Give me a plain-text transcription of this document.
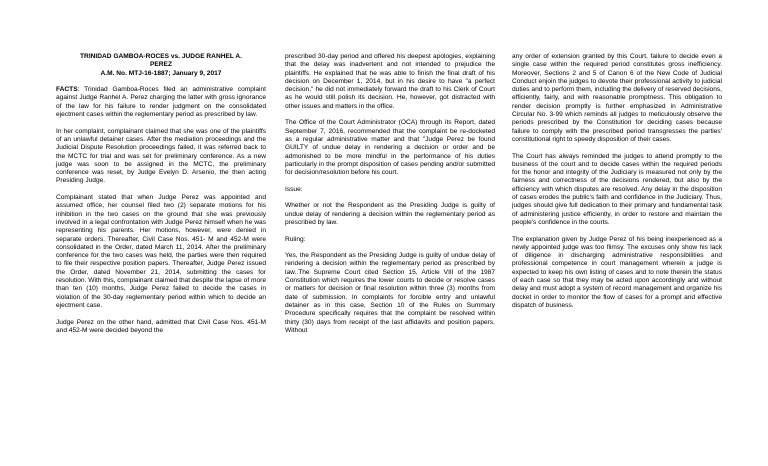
TRINIDAD GAMBOA-ROCES vs. JUDGE RANHEL A.
PEREZ
A.M. No. MTJ-16-1887; January 9, 2017

FACTS: Trinidad Gamboa-Roces filed an administrative complaint against Judge Ranhel A. Perez charging the latter with gross ignorance of the law for his failure to render judgment on the consolidated ejectment cases within the reglementary period as prescribed by law.

In her complaint, complainant claimed that she was one of the plaintiffs of an unlawful detainer cases. After the mediation proceedings and the Judicial Dispute Resolution proceedings failed, it was referred back to the MCTC for trial and was set for preliminary conference. As a new judge was soon to be assigned in the MCTC, the preliminary conference was reset, by Judge Evelyn D. Arsenio, the then acting Presiding Judge.

Complainant stated that when Judge Perez was appointed and assumed office, her counsel filed two (2) separate motions for his inhibition in the two cases on the ground that she was previously involved in a legal confrontation with Judge Perez himself when he was representing his parents. Her motions, however, were denied in separate orders. Thereafter, Civil Case Nos. 451- M and 452-M were consolidated in the Order, dated March 11, 2014. After the preliminary conference for the two cases was held, the parties were then required to file their respective position papers. Thereafter, Judge Perez issued the Order, dated November 21, 2014, submitting the cases for resolution. With this, complainant claimed that despite the lapse of more than ten (10) months, Judge Perez failed to decide the cases in violation of the 30-day reglementary period within which to decide an ejectment case.

Judge Perez on the other hand, admitted that Civil Case Nos. 451-M and 452-M were decided beyond the

prescribed 30-day period and offered his deepest apologies, explaining that the delay was inadvertent and not intended to prejudice the plaintiffs. He explained that he was able to finish the final draft of his decision on December 1, 2014, but in his desire to have "a perfect decision," he did not immediately forward the draft to his Clerk of Court as he would still polish its decision. He, however, got distracted with other issues and matters in the office.

The Office of the Court Administrator (OCA) through its Report, dated September 7, 2016, recommended that the complaint be re-docketed as a regular administrative matter and that "Judge Perez be found GUILTY of undue delay in rendering a decision or order and be admonished to be more mindful in the performance of his duties particularly in the prompt disposition of cases pending and/or submitted for decision/resolution before his court.

Issue:

Whether or not the Respondent as the Presiding Judge is guilty of undue delay of rendering a decision within the reglementary period as prescribed by law.

Ruling:

Yes, the Respondent as the Presiding Judge is guilty of undue delay of rendering a decision within the reglementary period as prescribed by law..The Supreme Court cited Section 15, Article VIII of the 1987 Constitution which requires the lower courts to decide or resolve cases or matters for decision or final resolution within three (3) months from date of submission. In complaints for forcible entry and unlawful detainer as in this case, Section 10 of the Rules on Summary Procedure specifically requires that the complaint be resolved within thirty (30) days from receipt of the last affidavits and position papers. Without

any order of extension granted by this Court, failure to decide even a single case within the required period constitutes gross inefficiency. Moreover, Sections 2 and 5 of Canon 6 of the New Code of Judicial Conduct enjoin the judges to devote their professional activity to judicial duties and to perform them, including the delivery of reserved decisions, efficiently, fairly, and with reasonable promptness. This obligation to render decision promptly is further emphasized in Administrative Circular No. 3-99 which reminds all judges to meticulously observe the periods prescribed by the Constitution for deciding cases because failure to comply with the prescribed period transgresses the parties' constitutional right to speedy disposition of their cases.

The Court has always reminded the judges to attend promptly to the business of the court and to decide cases within the required periods for the honor and integrity of the Judiciary is measured not only by the fairness and correctness of the decisions rendered, but also by the efficiency with which disputes are resolved. Any delay in the disposition of cases erodes the public's faith and confidence in the Judiciary. Thus, judges should give full dedication to their primary and fundamental task of administering justice efficiently, in order to restore and maintain the people's confidence in the courts.

The explanation given by Judge Perez of his being inexperienced as a newly appointed judge was too flimsy. The excuses only show his lack of diligence in discharging administrative responsibilities and professional competence in court management wherein a judge is expected to keep his own listing of cases and to note therein the status of each case so that they may be acted upon accordingly and without delay and must adopt a system of record management and organize his docket in order to monitor the flow of cases for a prompt and effective dispatch of business.
